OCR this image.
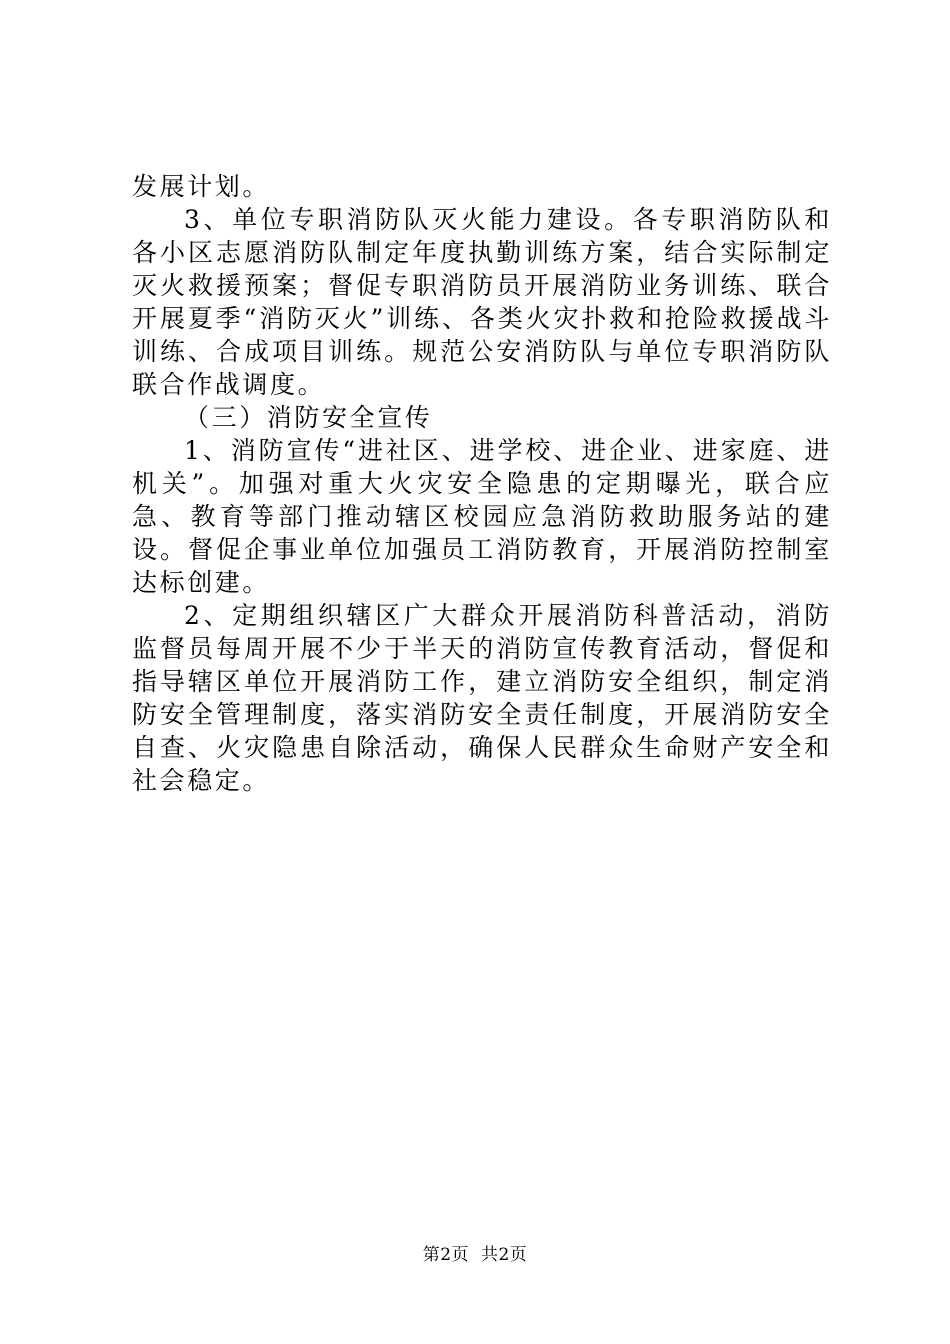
发展计划。

3、单位专职消防队灭火能力建设。各专职消防队和各小区志愿消防队制定年度执勤训练方案，结合实际制定灭火救援预案；督促专职消防员开展消防业务训练、联合开展夏季“消防灭火”训练、各类火灾扑救和抢险救援战斗训练、合成项目训练。规范公安消防队与单位专职消防队联合作战调度。

（三）消防安全宣传

1、消防宣传“进社区、进学校、进企业、进家庭、进机关”。加强对重大火灾安全隐患的定期曝光，联合应急、教育等部门推动辖区校园应急消防救助服务站的建设。督促企事业单位加强员工消防教育，开展消防控制室达标创建。

2、定期组织辖区广大群众开展消防科普活动，消防监督员每周开展不少于半天的消防宣传教育活动，督促和指导辖区单位开展消防工作，建立消防安全组织，制定消防安全管理制度，落实消防安全责任制度，开展消防安全自查、火灾隐患自除活动，确保人民群众生命财产安全和社会稳定。

第2页 共2页
